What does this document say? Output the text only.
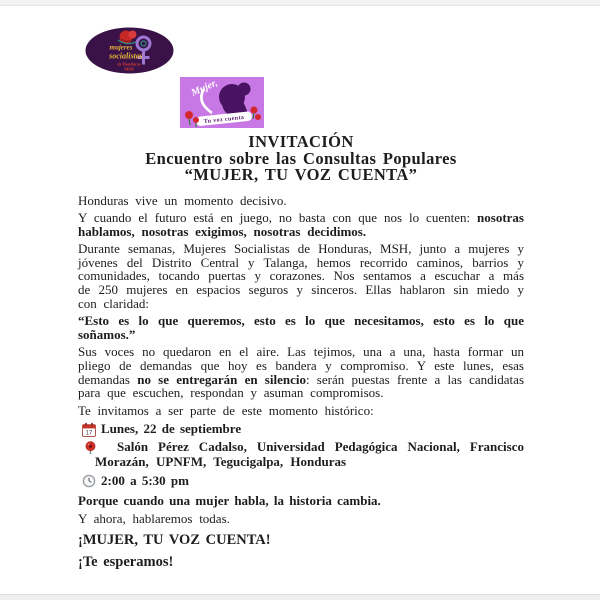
mujeres
socialistas
de Honduras
MSH
Mujer,
Tu voz cuenta
INVITACIÓN
Encuentro sobre las Consultas Populares
“MUJER, TU VOZ CUENTA”

Honduras vive un momento decisivo.

Y cuando el futuro está en juego, no basta con que nos lo cuenten: nosotras hablamos, nosotras exigimos, nosotras decidimos.

Durante semanas, Mujeres Socialistas de Honduras, MSH, junto a mujeres y jóvenes del Distrito Central y Talanga, hemos recorrido caminos, barrios y comunidades, tocando puertas y corazones. Nos sentamos a escuchar a más de 250 mujeres en espacios seguros y sinceros. Ellas hablaron sin miedo y con claridad:

“Esto es lo que queremos, esto es lo que necesitamos, esto es lo que soñamos.”

Sus voces no quedaron en el aire. Las tejimos, una a una, hasta formar un pliego de demandas que hoy es bandera y compromiso. Y este lunes, esas demandas no se entregarán en silencio: serán puestas frente a las candidatas para que escuchen, respondan y asuman compromisos.

Te invitamos a ser parte de este momento histórico:

17 Lunes, 22 de septiembre
Salón Pérez Cadalso, Universidad Pedagógica Nacional, Francisco Morazán, UPNFM, Tegucigalpa, Honduras
2:00 a 5:30 pm

Porque cuando una mujer habla, la historia cambia.

Y ahora, hablaremos todas.

¡MUJER, TU VOZ CUENTA!

¡Te esperamos!
